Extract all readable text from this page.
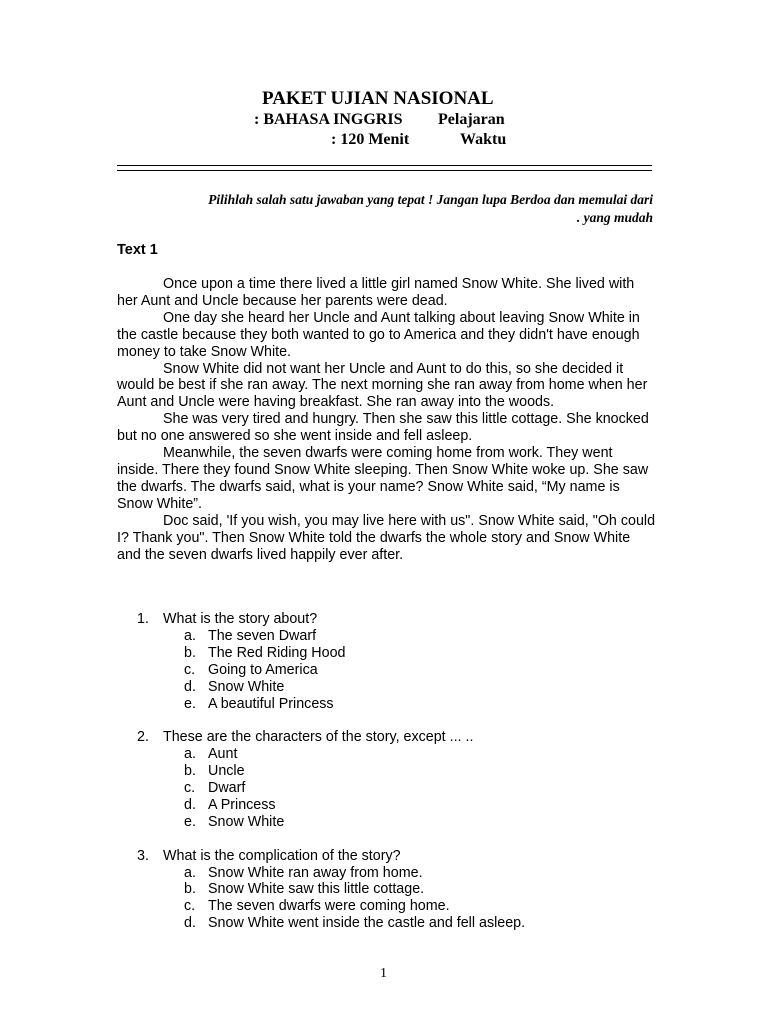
PAKET UJIAN NASIONAL
: BAHASA INGGRIS Pelajaran
: 120 Menit	Waktu
Pilihlah salah satu jawaban yang tepat ! Jangan lupa Berdoa dan memulai dari
. yang mudah
Text 1

Once upon a time there lived a little girl named Snow White. She lived with her Aunt and Uncle because her parents were dead.

One day she heard her Uncle and Aunt talking about leaving Snow White in the castle because they both wanted to go to America and they didn't have enough money to take Snow White.

Snow White did not want her Uncle and Aunt to do this, so she decided it would be best if she ran away. The next morning she ran away from home when her Aunt and Uncle were having breakfast. She ran away into the woods.

She was very tired and hungry. Then she saw this little cottage. She knocked but no one answered so she went inside and fell asleep.

Meanwhile, the seven dwarfs were coming home from work. They went inside. There they found Snow White sleeping. Then Snow White woke up. She saw the dwarfs. The dwarfs said, what is your name? Snow White said, “My name is Snow White”.

Doc said, 'If you wish, you may live here with us". Snow White said, "Oh could I? Thank you". Then Snow White told the dwarfs the whole story and Snow White and the seven dwarfs lived happily ever after.

1. What is the story about?
a. The seven Dwarf
b. The Red Riding Hood
c. Going to America
d. Snow White
e. A beautiful Princess
2. These are the characters of the story, except ... ..
a. Aunt
b. Uncle
c. Dwarf
d. A Princess
e. Snow White
3. What is the complication of the story?
a. Snow White ran away from home.
b. Snow White saw this little cottage.
c. The seven dwarfs were coming home.
d. Snow White went inside the castle and fell asleep.
1
